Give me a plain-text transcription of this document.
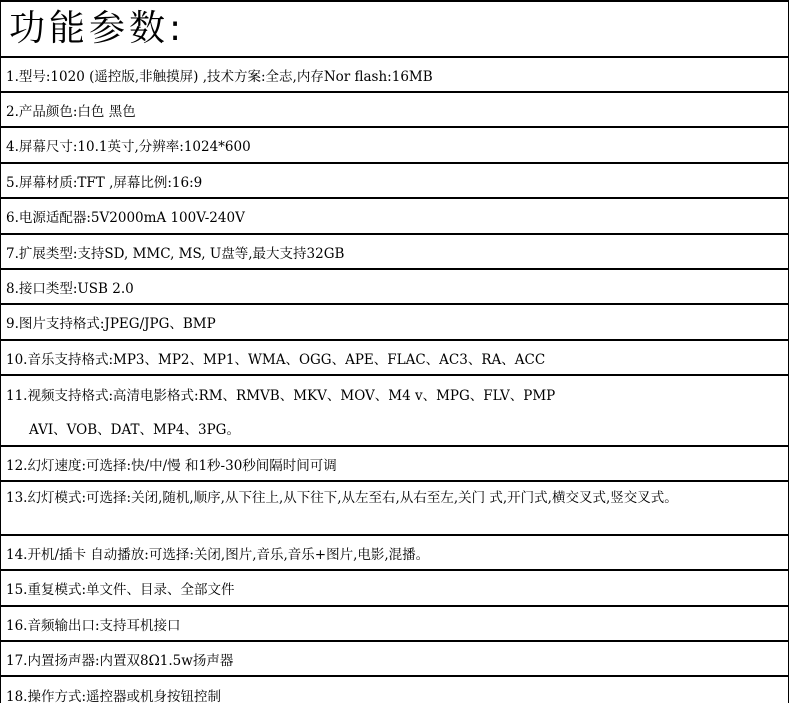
功能参数:
1.型号:1020 (遥控版,非触摸屏) ,技术方案:全志,内存Nor flash:16MB
2.产品颜色:白色 黑色
4.屏幕尺寸:10.1英寸,分辨率:1024*600
5.屏幕材质:TFT ,屏幕比例:16:9
6.电源适配器:5V2000mA 100V-240V
7.扩展类型:支持SD, MMC, MS, U盘等,最大支持32GB
8.接口类型:USB 2.0
9.图片支持格式:JPEG/JPG、BMP
10.音乐支持格式:MP3、MP2、MP1、WMA、OGG、APE、FLAC、AC3、RA、ACC
11.视频支持格式:高清电影格式:RM、RMVB、MKV、MOV、M4 v、MPG、FLV、PMP
AVI、VOB、DAT、MP4、3PG。
12.幻灯速度:可选择:快/中/慢 和1秒-30秒间隔时间可调
13.幻灯模式:可选择:关闭,随机,顺序,从下往上,从下往下,从左至右,从右至左,关门 式,开门式,横交叉式,竖交叉式。
14.开机/插卡 自动播放:可选择:关闭,图片,音乐,音乐+图片,电影,混播。
15.重复模式:单文件、目录、全部文件
16.音频输出口:支持耳机接口
17.内置扬声器:内置双8Ω1.5w扬声器
18.操作方式:遥控器或机身按钮控制
